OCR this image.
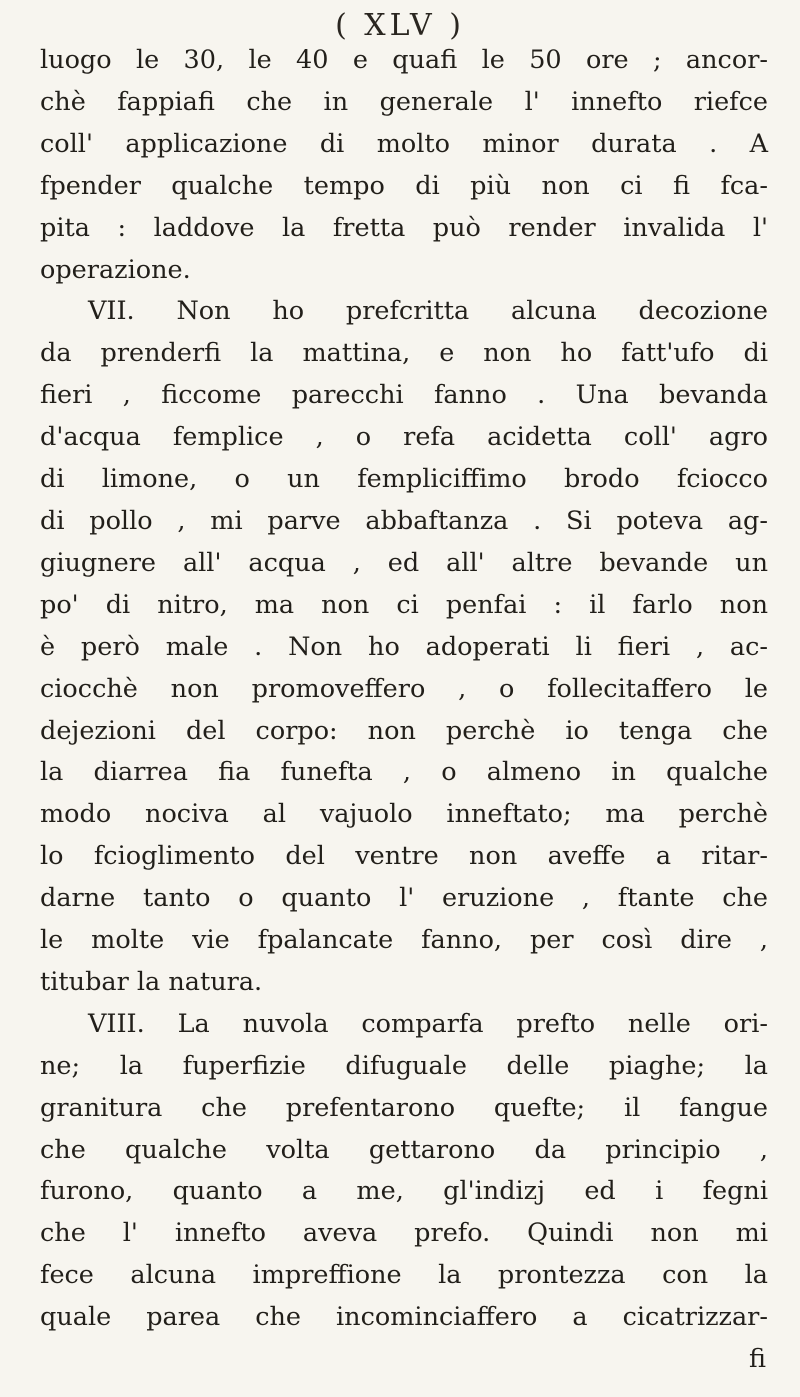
( XLV )
luogo le 30, le 40 e quafi le 50 ore ; ancor-
chè fappiafi che in generale l' innefto riefce
coll' applicazione di molto minor durata . A
fpender qualche tempo di più non ci fi fca-
pita : laddove la fretta può render invalida l'
operazione.
VII. Non ho prefcritta alcuna decozione
da prenderfi la mattina, e non ho fatt'ufo di
fieri , ficcome parecchi fanno . Una bevanda
d'acqua femplice , o refa acidetta coll' agro
di limone, o un fempliciffimo brodo fciocco
di pollo , mi parve abbaftanza . Si poteva ag-
giugnere all' acqua , ed all' altre bevande un
po' di nitro, ma non ci penfai : il farlo non
è però male . Non ho adoperati li fieri , ac-
ciocchè non promoveffero , o follecitaffero le
dejezioni del corpo: non perchè io tenga che
la diarrea fia funefta , o almeno in qualche
modo nociva al vajuolo inneftato; ma perchè
lo fcioglimento del ventre non aveffe a ritar-
darne tanto o quanto l' eruzione , ftante che
le molte vie fpalancate fanno, per così dire ,
titubar la natura.
VIII. La nuvola comparfa prefto nelle ori-
ne; la fuperfizie difuguale delle piaghe; la
granitura che prefentarono quefte; il fangue
che qualche volta gettarono da principio ,
furono, quanto a me, gl'indizj ed i fegni
che l' innefto aveva prefo. Quindi non mi
fece alcuna impreffione la prontezza con la
quale parea che incominciaffero a cicatrizzar-
fi
